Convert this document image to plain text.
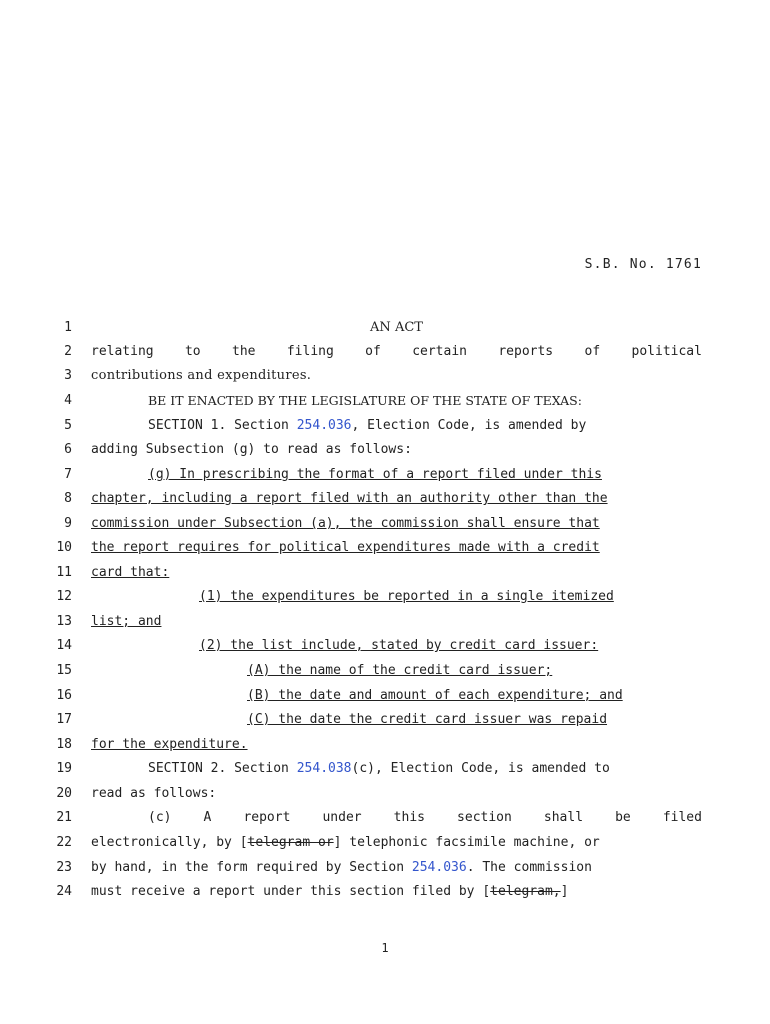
S.B. No. 1761
1	AN ACT
2 relating to the filing of certain reports of political
3 contributions and expenditures.
4	BE IT ENACTED BY THE LEGISLATURE OF THE STATE OF TEXAS:
5	SECTION 1. Section 254.036, Election Code, is amended by
6 adding Subsection (g) to read as follows:
7	(g) In prescribing the format of a report filed under this
8 chapter, including a report filed with an authority other than the
9 commission under Subsection (a), the commission shall ensure that
10 the report requires for political expenditures made with a credit
11 card that:
12	(1) the expenditures be reported in a single itemized
13 list; and
14	(2) the list include, stated by credit card issuer:
15	(A) the name of the credit card issuer;
16	(B) the date and amount of each expenditure; and
17	(C) the date the credit card issuer was repaid
18 for the expenditure.
19	SECTION 2. Section 254.038(c), Election Code, is amended to
20 read as follows:
21	(c) A report under this section shall be filed
22 electronically, by [telegram or] telephonic facsimile machine, or
23 by hand, in the form required by Section 254.036. The commission
24 must receive a report under this section filed by [telegram,]
1
